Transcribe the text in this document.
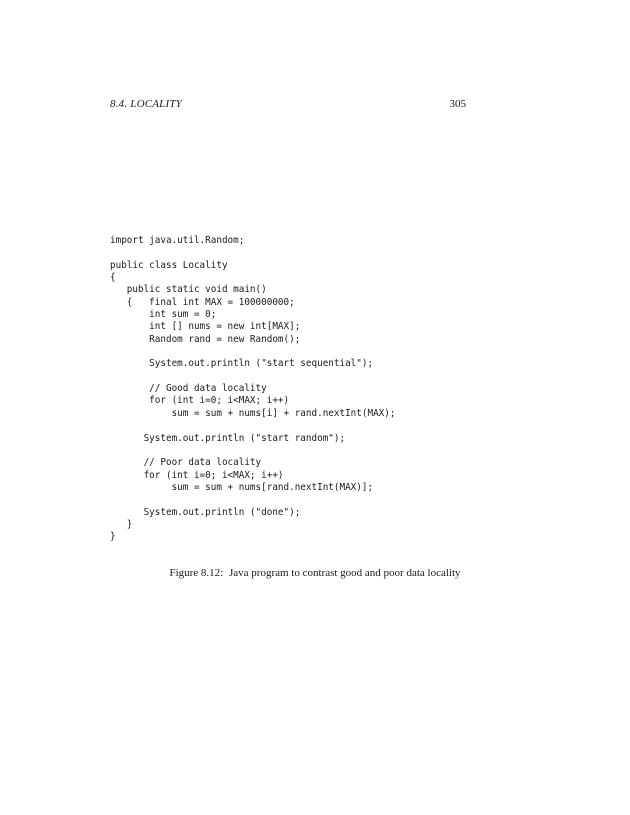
8.4. LOCALITY	305
import java.util.Random;
public class Locality
{
public static void main()
{   final int MAX = 100000000;
int sum = 0;
int [] nums = new int[MAX];
Random rand = new Random();
System.out.println ("start sequential");
// Good data locality
for (int i=0; i<MAX; i++)
sum = sum + nums[i] + rand.nextInt(MAX);
System.out.println ("start random");
// Poor data locality
for (int i=0; i<MAX; i++)
sum = sum + nums[rand.nextInt(MAX)];
System.out.println ("done");
}
}
Figure 8.12: Java program to contrast good and poor data locality
